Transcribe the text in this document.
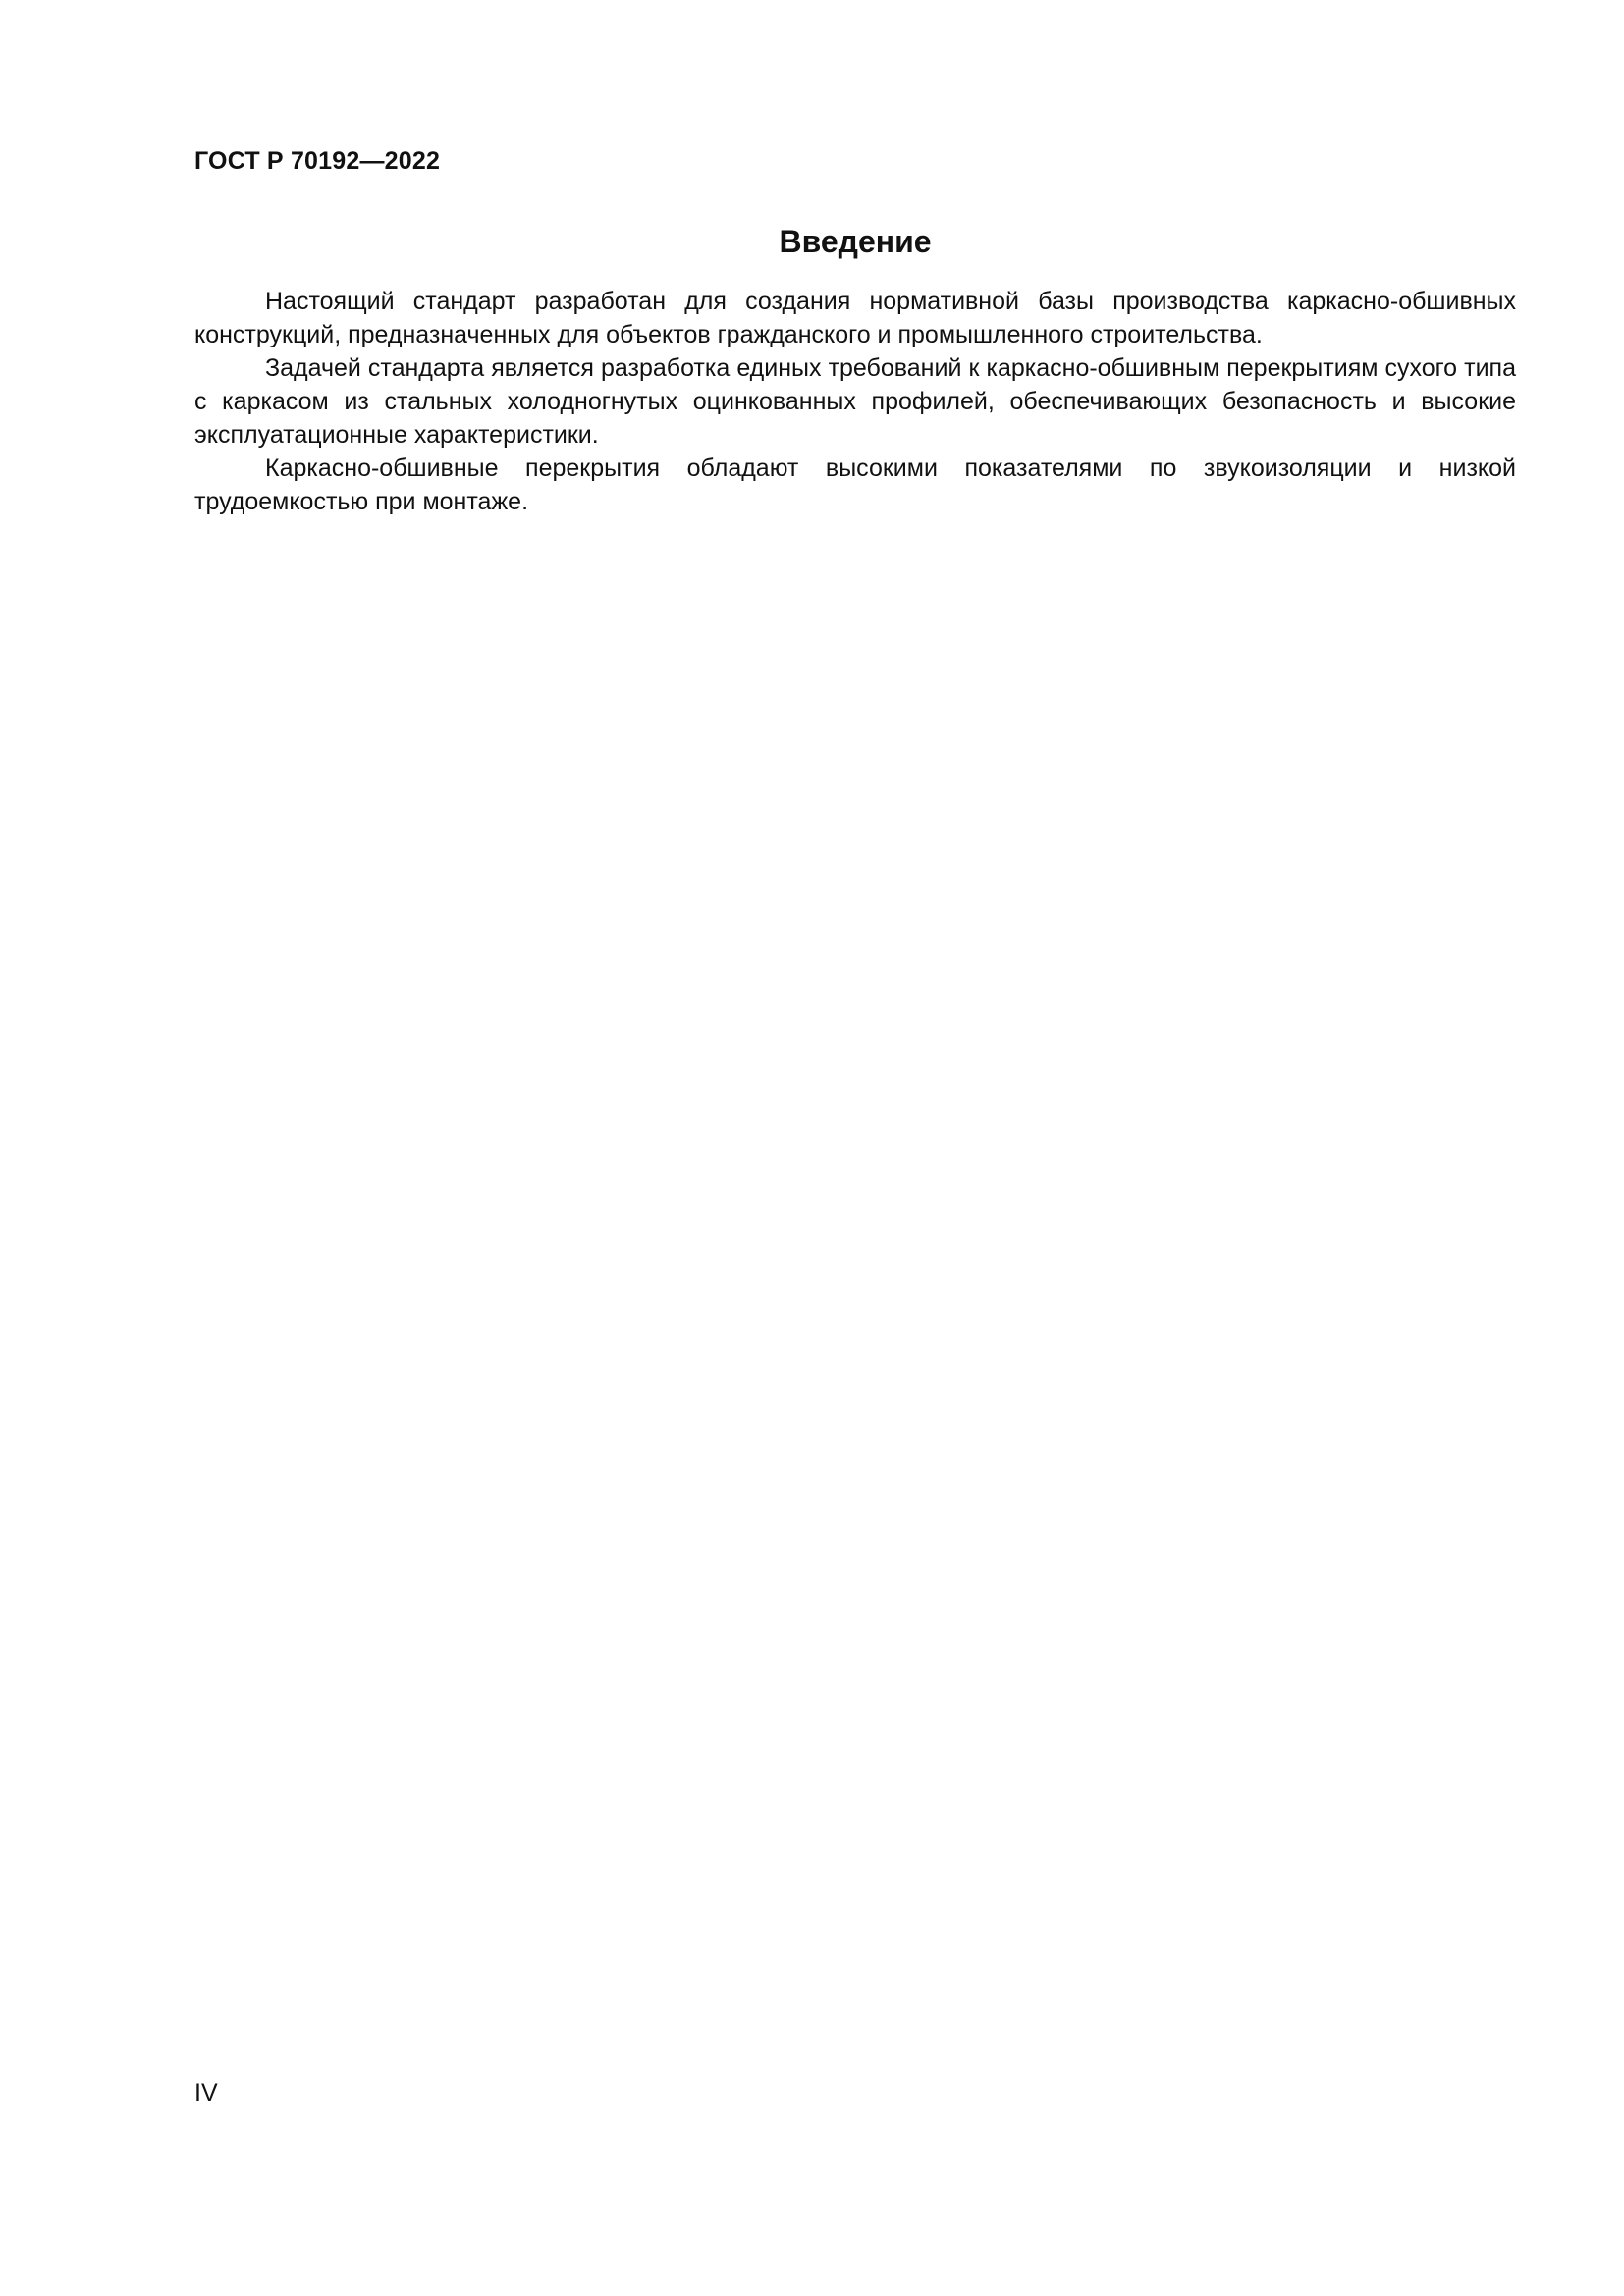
ГОСТ Р 70192—2022
Введение

Настоящий стандарт разработан для создания нормативной базы производства каркасно-обшивных конструкций, предназначенных для объектов гражданского и промышленного строительства.

Задачей стандарта является разработка единых требований к каркасно-обшивным перекрытиям сухого типа с каркасом из стальных холодногнутых оцинкованных профилей, обеспечивающих безопасность и высокие эксплуатационные характеристики.

Каркасно-обшивные перекрытия обладают высокими показателями по звукоизоляции и низкой трудоемкостью при монтаже.

IV
